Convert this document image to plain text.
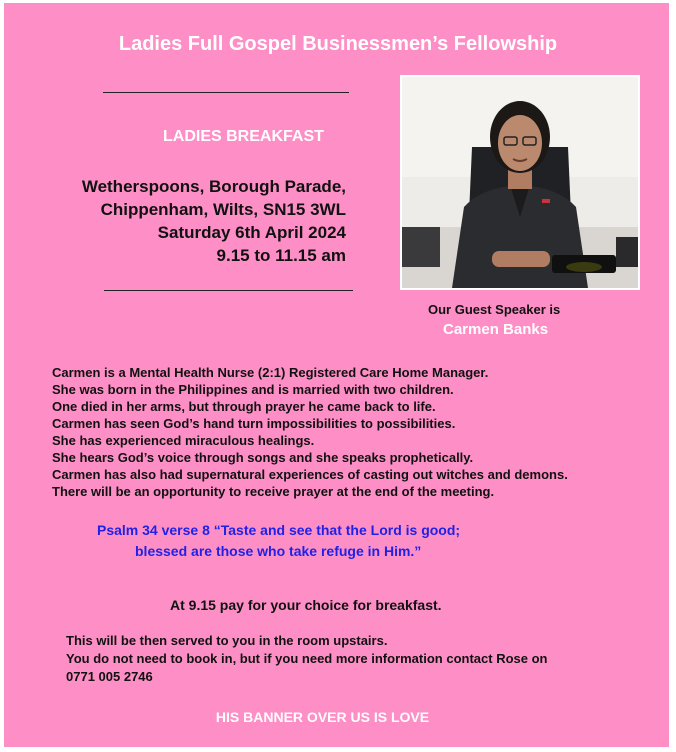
Ladies Full Gospel Businessmen’s Fellowship
LADIES BREAKFAST
Wetherspoons, Borough Parade,
Chippenham, Wilts, SN15 3WL
Saturday 6th April 2024
9.15 to 11.15 am
Our Guest Speaker is
Carmen Banks
Carmen is a Mental Health Nurse (2:1) Registered Care Home Manager.
She was born in the Philippines and is married with two children.
One died in her arms, but through prayer he came back to life.
Carmen has seen God’s hand turn impossibilities to possibilities.
She has experienced miraculous healings.
She hears God’s voice through songs and she speaks prophetically.
Carmen has also had supernatural experiences of casting out witches and demons.
There will be an opportunity to receive prayer at the end of the meeting.
Psalm 34 verse 8 “Taste and see that the Lord is good;
blessed are those who take refuge in Him.”
At 9.15 pay for your choice for breakfast.
This will be then served to you in the room upstairs.
You do not need to book in, but if you need more information contact Rose on
0771 005 2746
HIS BANNER OVER US IS LOVE
